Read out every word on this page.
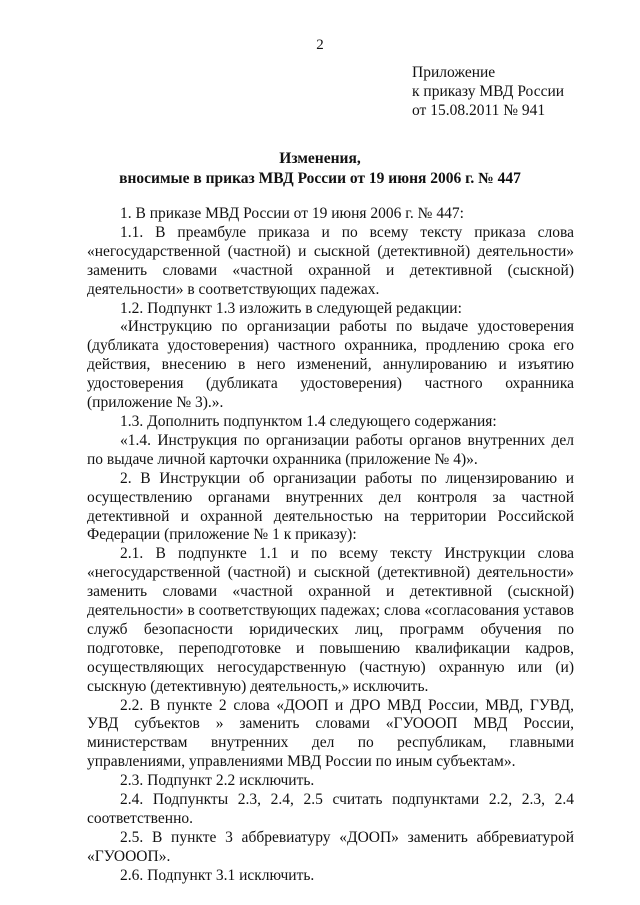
2
Приложение
к приказу МВД России
от 15.08.2011 № 941
Изменения,
вносимые в приказ МВД России от 19 июня 2006 г. № 447

1. В приказе МВД России от 19 июня 2006 г. № 447:

1.1. В преамбуле приказа и по всему тексту приказа слова «негосударственной (частной) и сыскной (детективной) деятельности» заменить словами «частной охранной и детективной (сыскной) деятельности» в соответствующих падежах.

1.2. Подпункт 1.3 изложить в следующей редакции:

«Инструкцию по организации работы по выдаче удостоверения (дубликата удостоверения) частного охранника, продлению срока его действия, внесению в него изменений, аннулированию и изъятию удостоверения (дубликата удостоверения) частного охранника (приложение № 3).».

1.3. Дополнить подпунктом 1.4 следующего содержания:

«1.4. Инструкция по организации работы органов внутренних дел по выдаче личной карточки охранника (приложение № 4)».

2. В Инструкции об организации работы по лицензированию и осуществлению органами внутренних дел контроля за частной детективной и охранной деятельностью на территории Российской Федерации (приложение № 1 к приказу):

2.1. В подпункте 1.1 и по всему тексту Инструкции слова «негосударственной (частной) и сыскной (детективной) деятельности» заменить словами «частной охранной и детективной (сыскной) деятельности» в соответствующих падежах; слова «согласования уставов служб безопасности юридических лиц, программ обучения по подготовке, переподготовке и повышению квалификации кадров, осуществляющих негосударственную (частную) охранную или (и) сыскную (детективную) деятельность,» исключить.

2.2. В пункте 2 слова «ДООП и ДРО МВД России, МВД, ГУВД, УВД субъектов » заменить словами «ГУОООП МВД России, министерствам внутренних дел по республикам, главными управлениями, управлениями МВД России по иным субъектам».

2.3. Подпункт 2.2 исключить.

2.4. Подпункты 2.3, 2.4, 2.5 считать подпунктами 2.2, 2.3, 2.4 соответственно.

2.5. В пункте 3 аббревиатуру «ДООП» заменить аббревиатурой «ГУОООП».

2.6. Подпункт 3.1 исключить.
